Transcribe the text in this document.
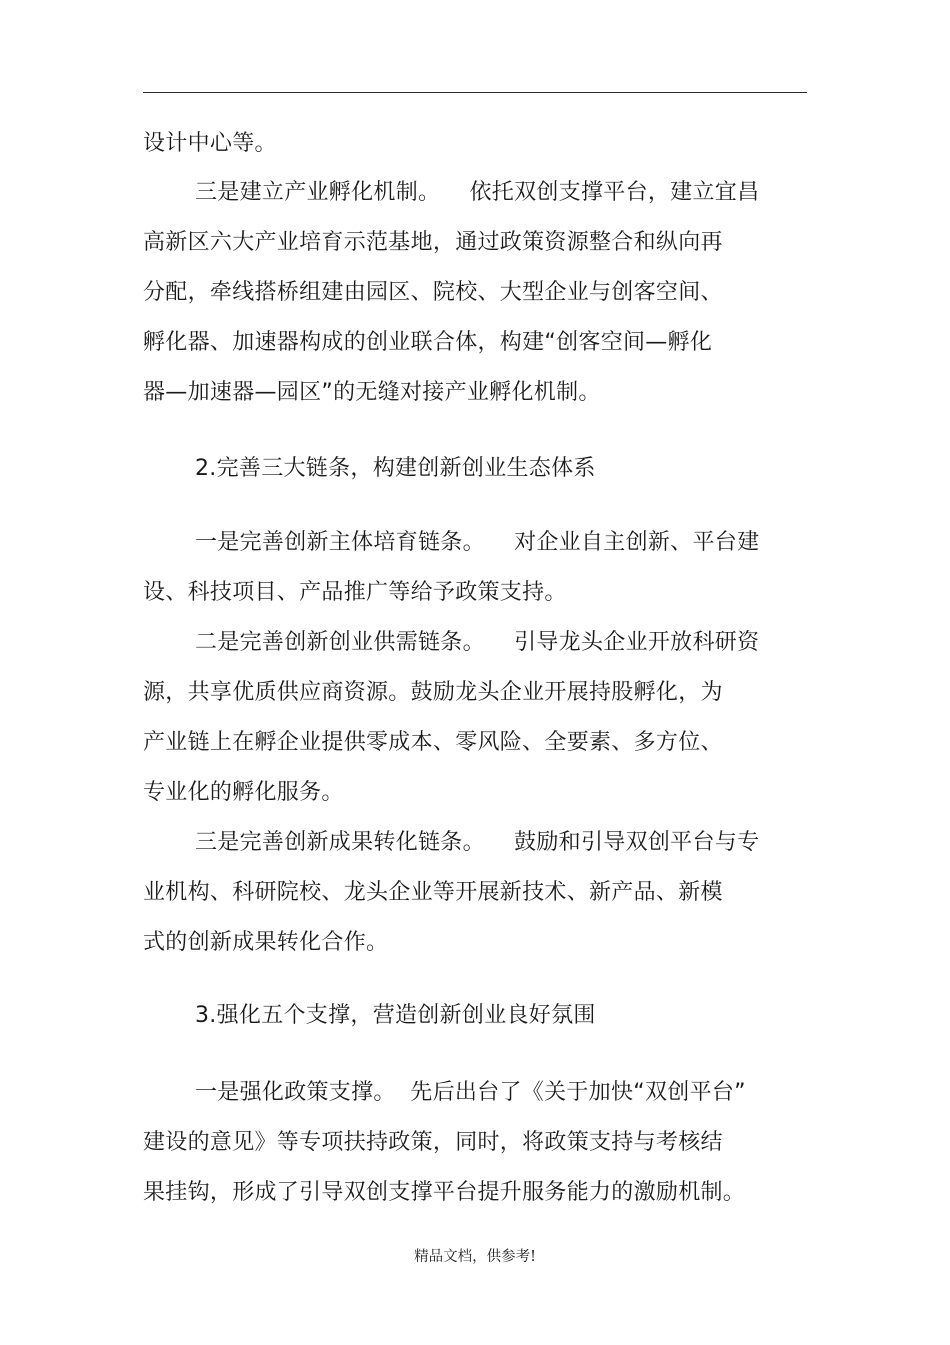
设计中心等。
三是建立产业孵化机制。    依托双创支撑平台，建立宜昌
高新区六大产业培育示范基地，通过政策资源整合和纵向再
分配，牵线搭桥组建由园区、院校、大型企业与创客空间、
孵化器、加速器构成的创业联合体，构建“创客空间—孵化
器—加速器—园区”的无缝对接产业孵化机制。
2.完善三大链条，构建创新创业生态体系
一是完善创新主体培育链条。    对企业自主创新、平台建
设、科技项目、产品推广等给予政策支持。
二是完善创新创业供需链条。    引导龙头企业开放科研资
源，共享优质供应商资源。鼓励龙头企业开展持股孵化，为
产业链上在孵企业提供零成本、零风险、全要素、多方位、
专业化的孵化服务。
三是完善创新成果转化链条。    鼓励和引导双创平台与专
业机构、科研院校、龙头企业等开展新技术、新产品、新模
式的创新成果转化合作。
3.强化五个支撑，营造创新创业良好氛围
一是强化政策支撑。  先后出台了《关于加快“双创平台”
建设的意见》等专项扶持政策，同时，将政策支持与考核结
果挂钩，形成了引导双创支撑平台提升服务能力的激励机制。
精品文档，供参考!
